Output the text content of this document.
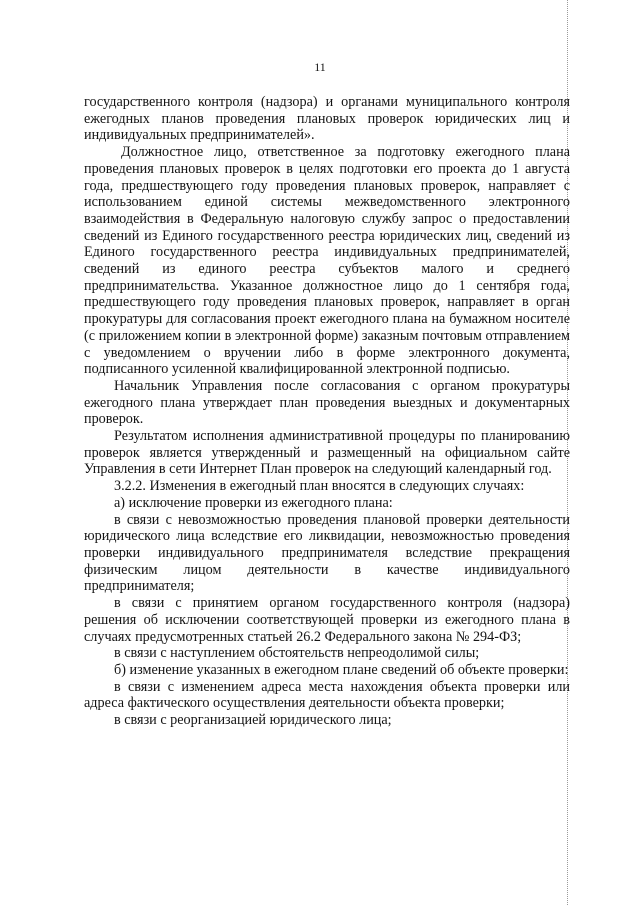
11

государственного контроля (надзора) и органами муниципального контроля ежегодных планов проведения плановых проверок юридических лиц и индивидуальных предпринимателей».

Должностное лицо, ответственное за подготовку ежегодного плана проведения плановых проверок в целях подготовки его проекта до 1 августа года, предшествующего году проведения плановых проверок, направляет с использованием единой системы межведомственного электронного взаимодействия в Федеральную налоговую службу запрос о предоставлении сведений из Единого государственного реестра юридических лиц, сведений из Единого государственного реестра индивидуальных предпринимателей, сведений из единого реестра субъектов малого и среднего предпринимательства. Указанное должностное лицо до 1 сентября года, предшествующего году проведения плановых проверок, направляет в орган прокуратуры для согласования проект ежегодного плана на бумажном носителе (с приложением копии в электронной форме) заказным почтовым отправлением с уведомлением о вручении либо в форме электронного документа, подписанного усиленной квалифицированной электронной подписью.

Начальник Управления после согласования с органом прокуратуры ежегодного плана утверждает план проведения выездных и документарных проверок.

Результатом исполнения административной процедуры по планированию проверок является утвержденный и размещенный на официальном сайте Управления в сети Интернет План проверок на следующий календарный год.

3.2.2. Изменения в ежегодный план вносятся в следующих случаях:

а) исключение проверки из ежегодного плана:

в связи с невозможностью проведения плановой проверки деятельности юридического лица вследствие его ликвидации, невозможностью проведения проверки индивидуального предпринимателя вследствие прекращения физическим лицом деятельности в качестве индивидуального предпринимателя;

в связи с принятием органом государственного контроля (надзора) решения об исключении соответствующей проверки из ежегодного плана в случаях предусмотренных статьей 26.2 Федерального закона № 294-ФЗ;

в связи с наступлением обстоятельств непреодолимой силы;

б) изменение указанных в ежегодном плане сведений об объекте проверки:

в связи с изменением адреса места нахождения объекта проверки или адреса фактического осуществления деятельности объекта проверки;

в связи с реорганизацией юридического лица;
